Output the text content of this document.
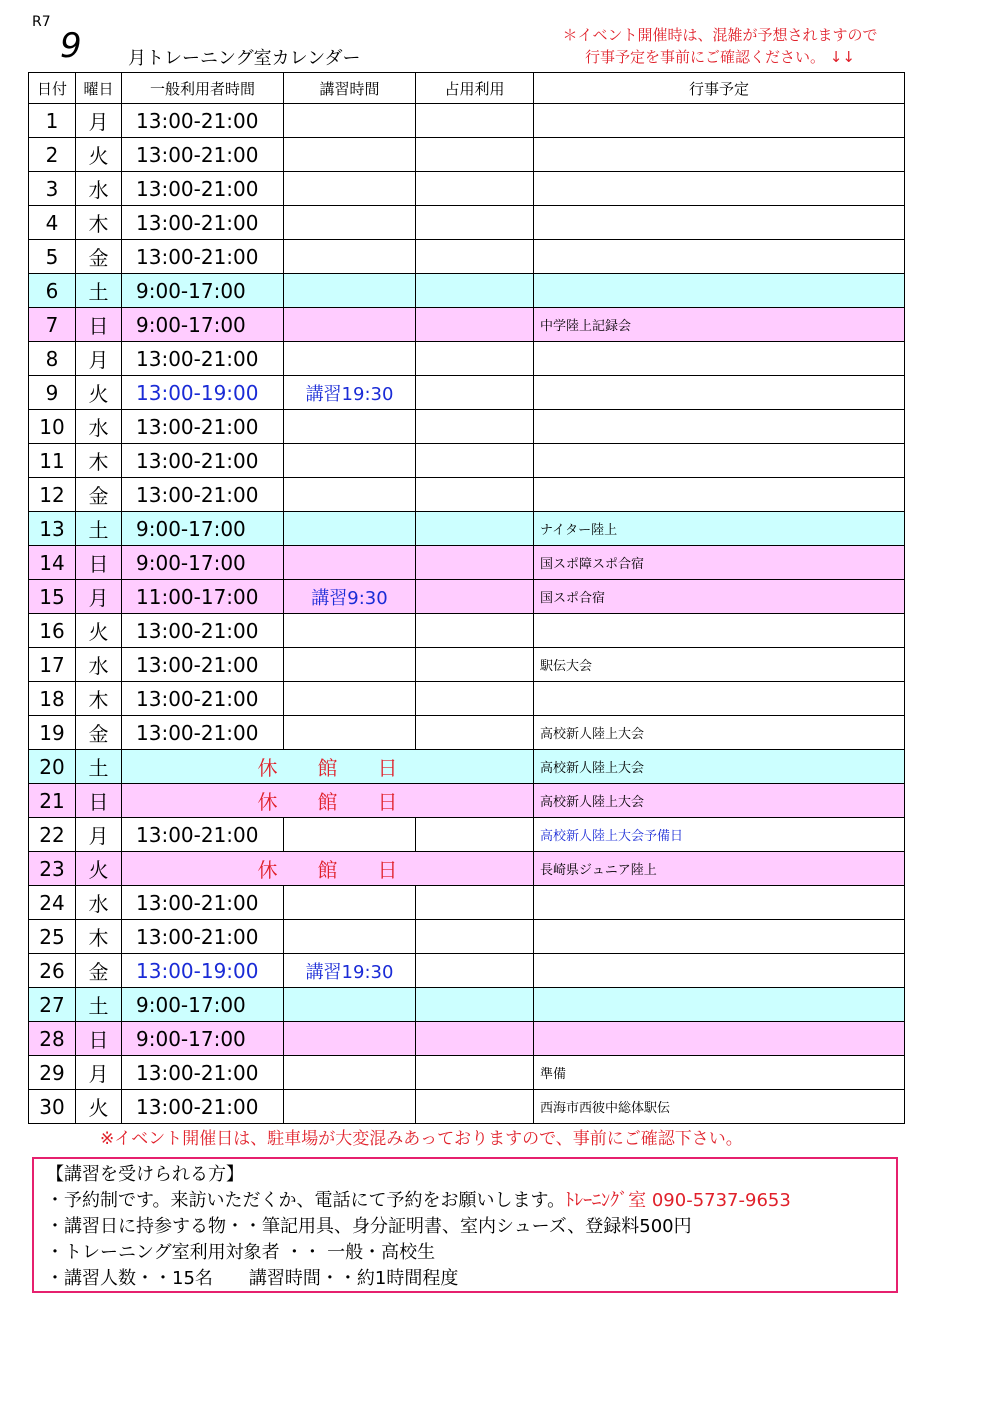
R7
9	月トレーニング室カレンダー
＊イベント開催時は、混雑が予想されますので
行事予定を事前にご確認ください。 ↓↓
日付	曜日	一般利用者時間	講習時間	占用利用	行事予定
1	月	13:00-21:00			
2	火	13:00-21:00			
3	水	13:00-21:00			
4	木	13:00-21:00			
5	金	13:00-21:00			
6	土	9:00-17:00			
7	日	9:00-17:00			中学陸上記録会
8	月	13:00-21:00			
9	火	13:00-19:00	講習19:30		
10	水	13:00-21:00			
11	木	13:00-21:00			
12	金	13:00-21:00			
13	土	9:00-17:00			ナイター陸上
14	日	9:00-17:00			国スポ障スポ合宿
15	月	11:00-17:00	講習9:30		国スポ合宿
16	火	13:00-21:00			
17	水	13:00-21:00			駅伝大会
18	木	13:00-21:00			
19	金	13:00-21:00			高校新人陸上大会
20	土	休館日			高校新人陸上大会
21	日	休館日			高校新人陸上大会
22	月	13:00-21:00			高校新人陸上大会予備日
23	火	休館日			長崎県ジュニア陸上
24	水	13:00-21:00			
25	木	13:00-21:00			
26	金	13:00-19:00	講習19:30		
27	土	9:00-17:00			
28	日	9:00-17:00			
29	月	13:00-21:00			準備
30	火	13:00-21:00			西海市西彼中総体駅伝
※イベント開催日は、駐車場が大変混みあっておりますので、事前にご確認下さい。
【講習を受けられる方】
・予約制です。来訪いただくか、電話にて予約をお願いします。ﾄﾚｰﾆﾝｸﾞ室 090-5737-9653
・講習日に持参する物・・筆記用具、身分証明書、室内シューズ、登録料500円
・トレーニング室利用対象者 ・・ 一般・高校生
・講習人数・・15名　　講習時間・・約1時間程度
